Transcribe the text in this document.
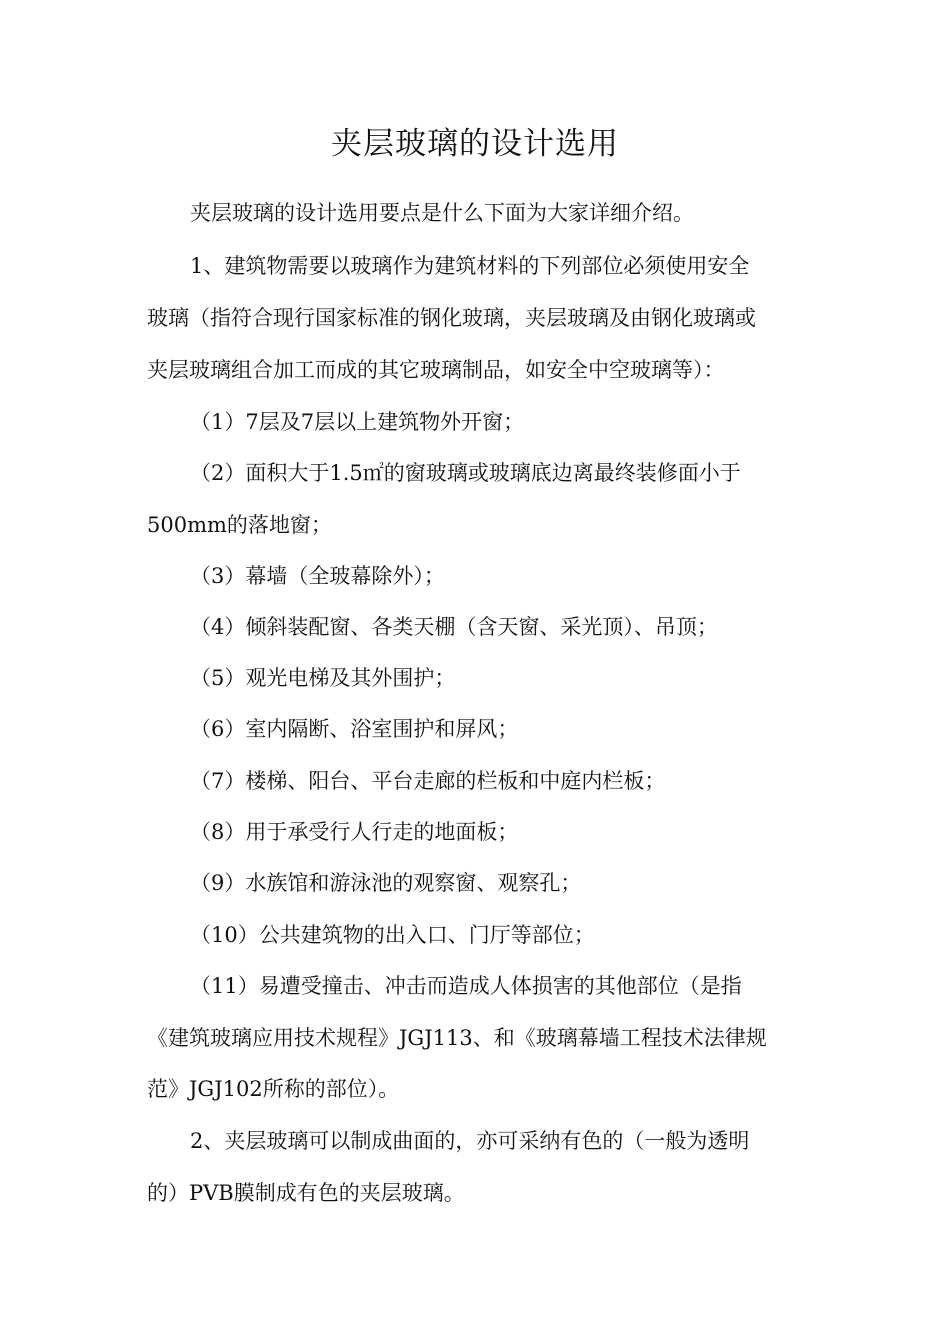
夹层玻璃的设计选用

夹层玻璃的设计选用要点是什么下面为大家详细介绍。

1、建筑物需要以玻璃作为建筑材料的下列部位必须使用安全

玻璃（指符合现行国家标准的钢化玻璃，夹层玻璃及由钢化玻璃或

夹层玻璃组合加工而成的其它玻璃制品，如安全中空玻璃等）：

（1）7层及7层以上建筑物外开窗；

（2）面积大于1.5㎡的窗玻璃或玻璃底边离最终装修面小于

500mm的落地窗；

（3）幕墙（全玻幕除外）；

（4）倾斜装配窗、各类天棚（含天窗、采光顶）、吊顶；

（5）观光电梯及其外围护；

（6）室内隔断、浴室围护和屏风；

（7）楼梯、阳台、平台走廊的栏板和中庭内栏板；

（8）用于承受行人行走的地面板；

（9）水族馆和游泳池的观察窗、观察孔；

（10）公共建筑物的出入口、门厅等部位；

（11）易遭受撞击、冲击而造成人体损害的其他部位（是指

《建筑玻璃应用技术规程》JGJ113、和《玻璃幕墙工程技术法律规

范》JGJ102所称的部位）。

2、夹层玻璃可以制成曲面的，亦可采纳有色的（一般为透明

的）PVB膜制成有色的夹层玻璃。
